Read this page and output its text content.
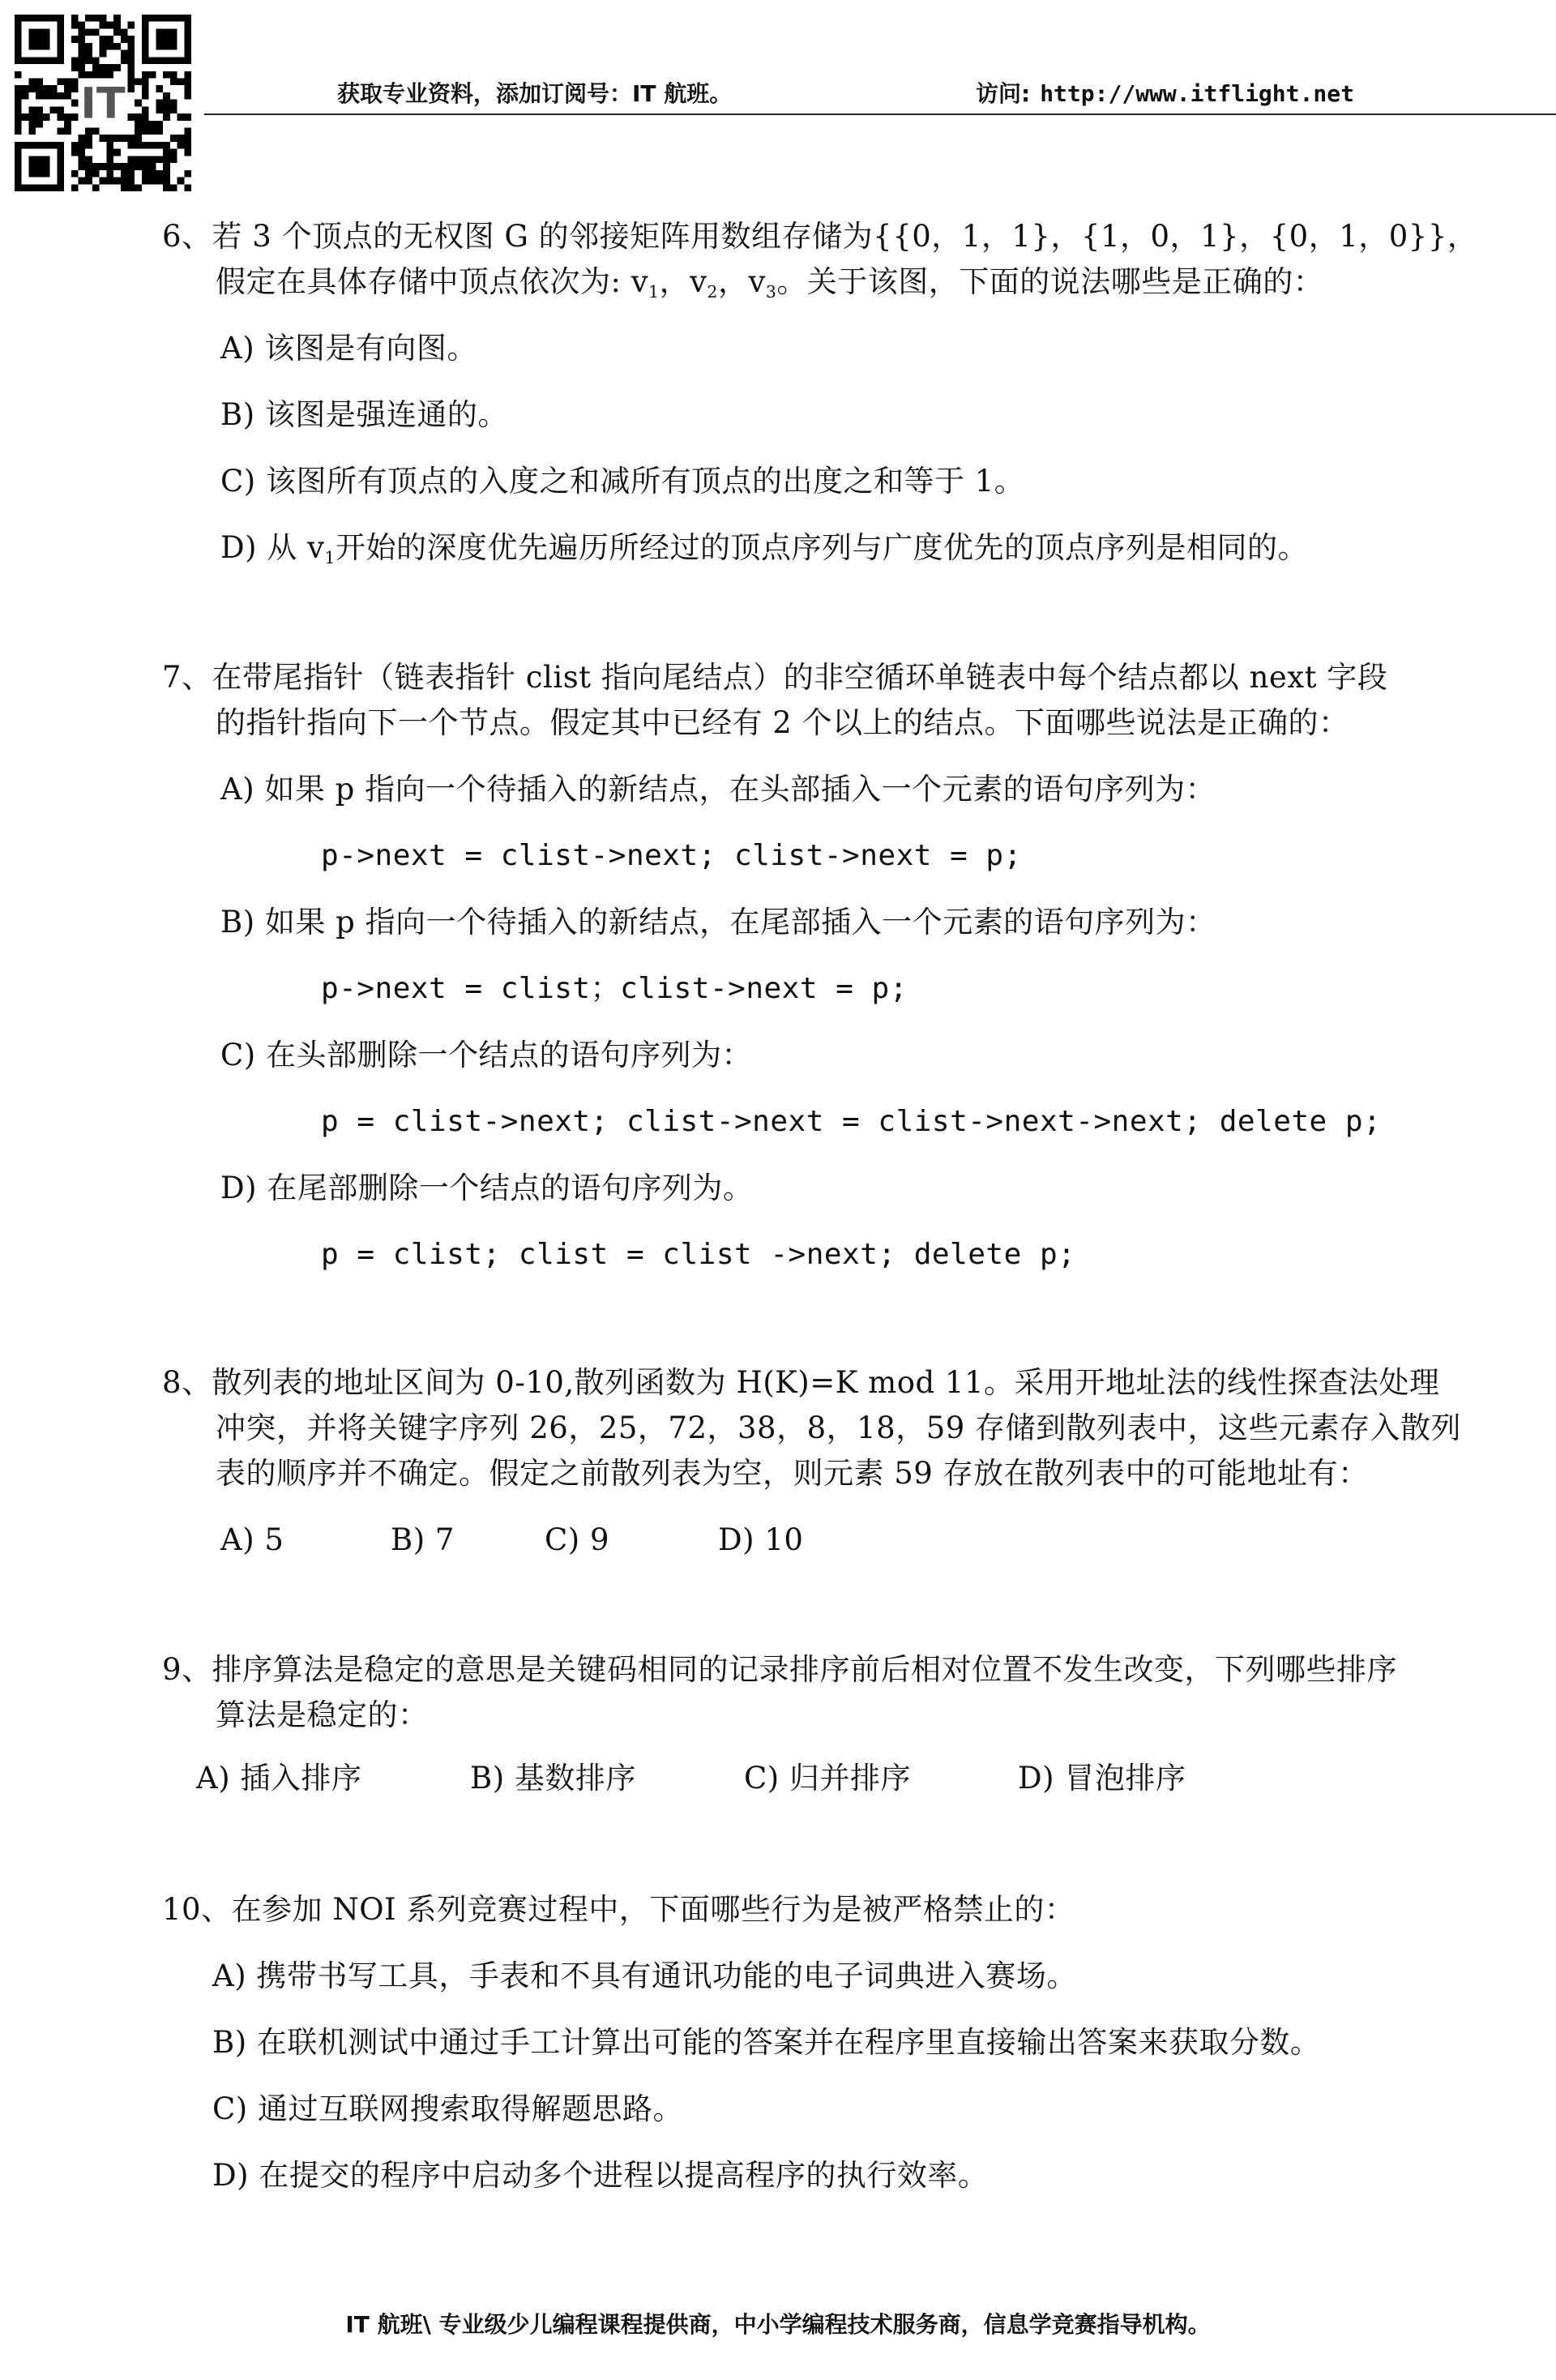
IT	获取专业资料，添加订阅号：IT 航班。	访问: http://www.itflight.net
6、若 3 个顶点的无权图 G 的邻接矩阵用数组存储为{{0，1，1}，{1，0，1}，{0，1，0}}，
假定在具体存储中顶点依次为: $v_1$，$v_2$，$v_3$。关于该图，下面的说法哪些是正确的：
A) 该图是有向图。
B) 该图是强连通的。
C) 该图所有顶点的入度之和减所有顶点的出度之和等于 1。
D) 从 $v_1$开始的深度优先遍历所经过的顶点序列与广度优先的顶点序列是相同的。
7、在带尾指针（链表指针 clist 指向尾结点）的非空循环单链表中每个结点都以 next 字段
的指针指向下一个节点。假定其中已经有 2 个以上的结点。下面哪些说法是正确的：
A) 如果 p 指向一个待插入的新结点，在头部插入一个元素的语句序列为：
p->next = clist->next; clist->next = p;
B) 如果 p 指向一个待插入的新结点，在尾部插入一个元素的语句序列为：
p->next = clist；clist->next = p;
C) 在头部删除一个结点的语句序列为：
p = clist->next; clist->next = clist->next->next; delete p;
D) 在尾部删除一个结点的语句序列为。
p = clist; clist = clist ->next; delete p;
8、散列表的地址区间为 0-10,散列函数为 H(K)=K mod 11。采用开地址法的线性探查法处理
冲突，并将关键字序列 26，25，72，38，8，18，59 存储到散列表中，这些元素存入散列
表的顺序并不确定。假定之前散列表为空，则元素 59 存放在散列表中的可能地址有：
A) 5	B) 7	C) 9	D) 10
9、排序算法是稳定的意思是关键码相同的记录排序前后相对位置不发生改变，下列哪些排序
算法是稳定的：
A) 插入排序	B) 基数排序	C) 归并排序	D) 冒泡排序
10、在参加 NOI 系列竞赛过程中，下面哪些行为是被严格禁止的：
A) 携带书写工具，手表和不具有通讯功能的电子词典进入赛场。
B) 在联机测试中通过手工计算出可能的答案并在程序里直接输出答案来获取分数。
C) 通过互联网搜索取得解题思路。
D) 在提交的程序中启动多个进程以提高程序的执行效率。
IT 航班\ 专业级少儿编程课程提供商，中小学编程技术服务商，信息学竞赛指导机构。
